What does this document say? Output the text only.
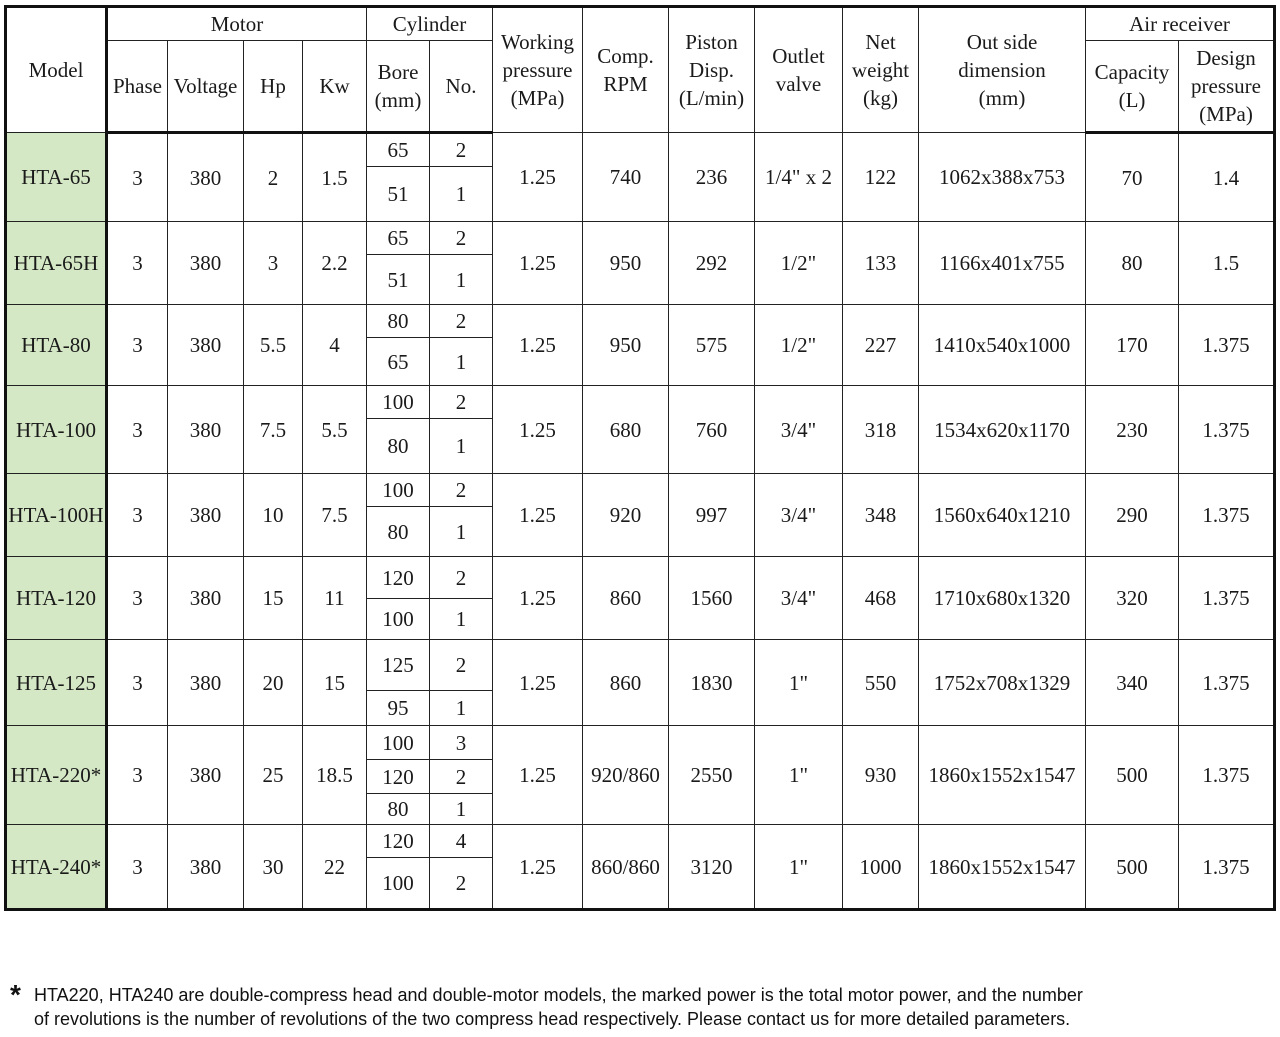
Model	Motor				Cylinder		Working pressure (MPa)	Comp. RPM	Piston Disp. (L/min)	Outlet valve	Net weight (kg)	Out side dimension (mm)	Air receiver	
	Phase	Voltage	Hp	Kw	Bore (mm)	No.							Capacity (L)	Design pressure (MPa)
HTA-65	3	380	2	1.5	65	2	1.25	740	236	1/4" x 2	122	1062x388x753	70	1.4
					51	1								
HTA-65H	3	380	3	2.2	65	2	1.25	950	292	1/2"	133	1166x401x755	80	1.5
					51	1								
HTA-80	3	380	5.5	4	80	2	1.25	950	575	1/2"	227	1410x540x1000	170	1.375
					65	1								
HTA-100	3	380	7.5	5.5	100	2	1.25	680	760	3/4"	318	1534x620x1170	230	1.375
					80	1								
HTA-100H	3	380	10	7.5	100	2	1.25	920	997	3/4"	348	1560x640x1210	290	1.375
					80	1								
HTA-120	3	380	15	11	120	2	1.25	860	1560	3/4"	468	1710x680x1320	320	1.375
					100	1								
HTA-125	3	380	20	15	125	2	1.25	860	1830	1"	550	1752x708x1329	340	1.375
					95	1								
HTA-220*	3	380	25	18.5	100	3	1.25	920/860	2550	1"	930	1860x1552x1547	500	1.375
					120	2								
					80	1								
HTA-240*	3	380	30	22	120	4	1.25	860/860	3120	1"	1000	1860x1552x1547	500	1.375
					100	2								
* HTA220, HTA240 are double-compress head and double-motor models, the marked power is the total motor power, and the number
of revolutions is the number of revolutions of the two compress head respectively. Please contact us for more detailed parameters.
